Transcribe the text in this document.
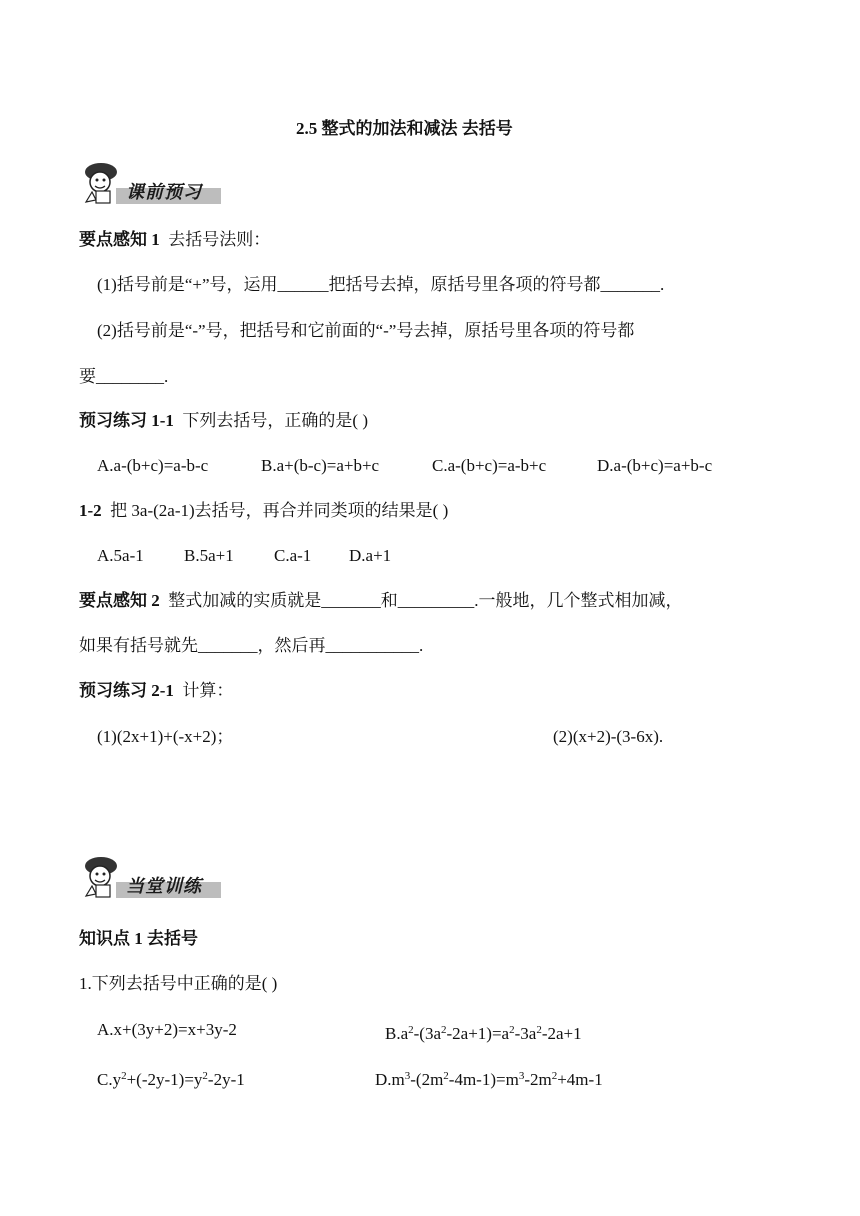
2.5 整式的加法和减法 去括号
课前预习
要点感知 1 去括号法则：
(1)括号前是“+”号，运用______把括号去掉，原括号里各项的符号都_______.
(2)括号前是“-”号，把括号和它前面的“-”号去掉，原括号里各项的符号都
要________.
预习练习 1-1 下列去括号，正确的是( )
A.a-(b+c)=a-b-c	B.a+(b-c)=a+b+c	C.a-(b+c)=a-b+c	D.a-(b+c)=a+b-c
1-2 把 3a-(2a-1)去括号，再合并同类项的结果是( )
A.5a-1 B.5a+1 C.a-1 D.a+1
要点感知 2 整式加减的实质就是_______和_________.一般地，几个整式相加减，
如果有括号就先_______，然后再___________.
预习练习 2-1 计算：
(1)(2x+1)+(-x+2)；	(2)(x+2)-(3-6x).
当堂训练
知识点 1 去括号
1.下列去括号中正确的是( )
A.x+(3y+2)=x+3y-2	$B.a^2-(3a^2-2a+1)=a^2-3a^2-2a+1$
$C.y^2+(-2y-1)=y^2-2y-1$	$D.m^3-(2m^2-4m-1)=m^3-2m^2+4m-1$
